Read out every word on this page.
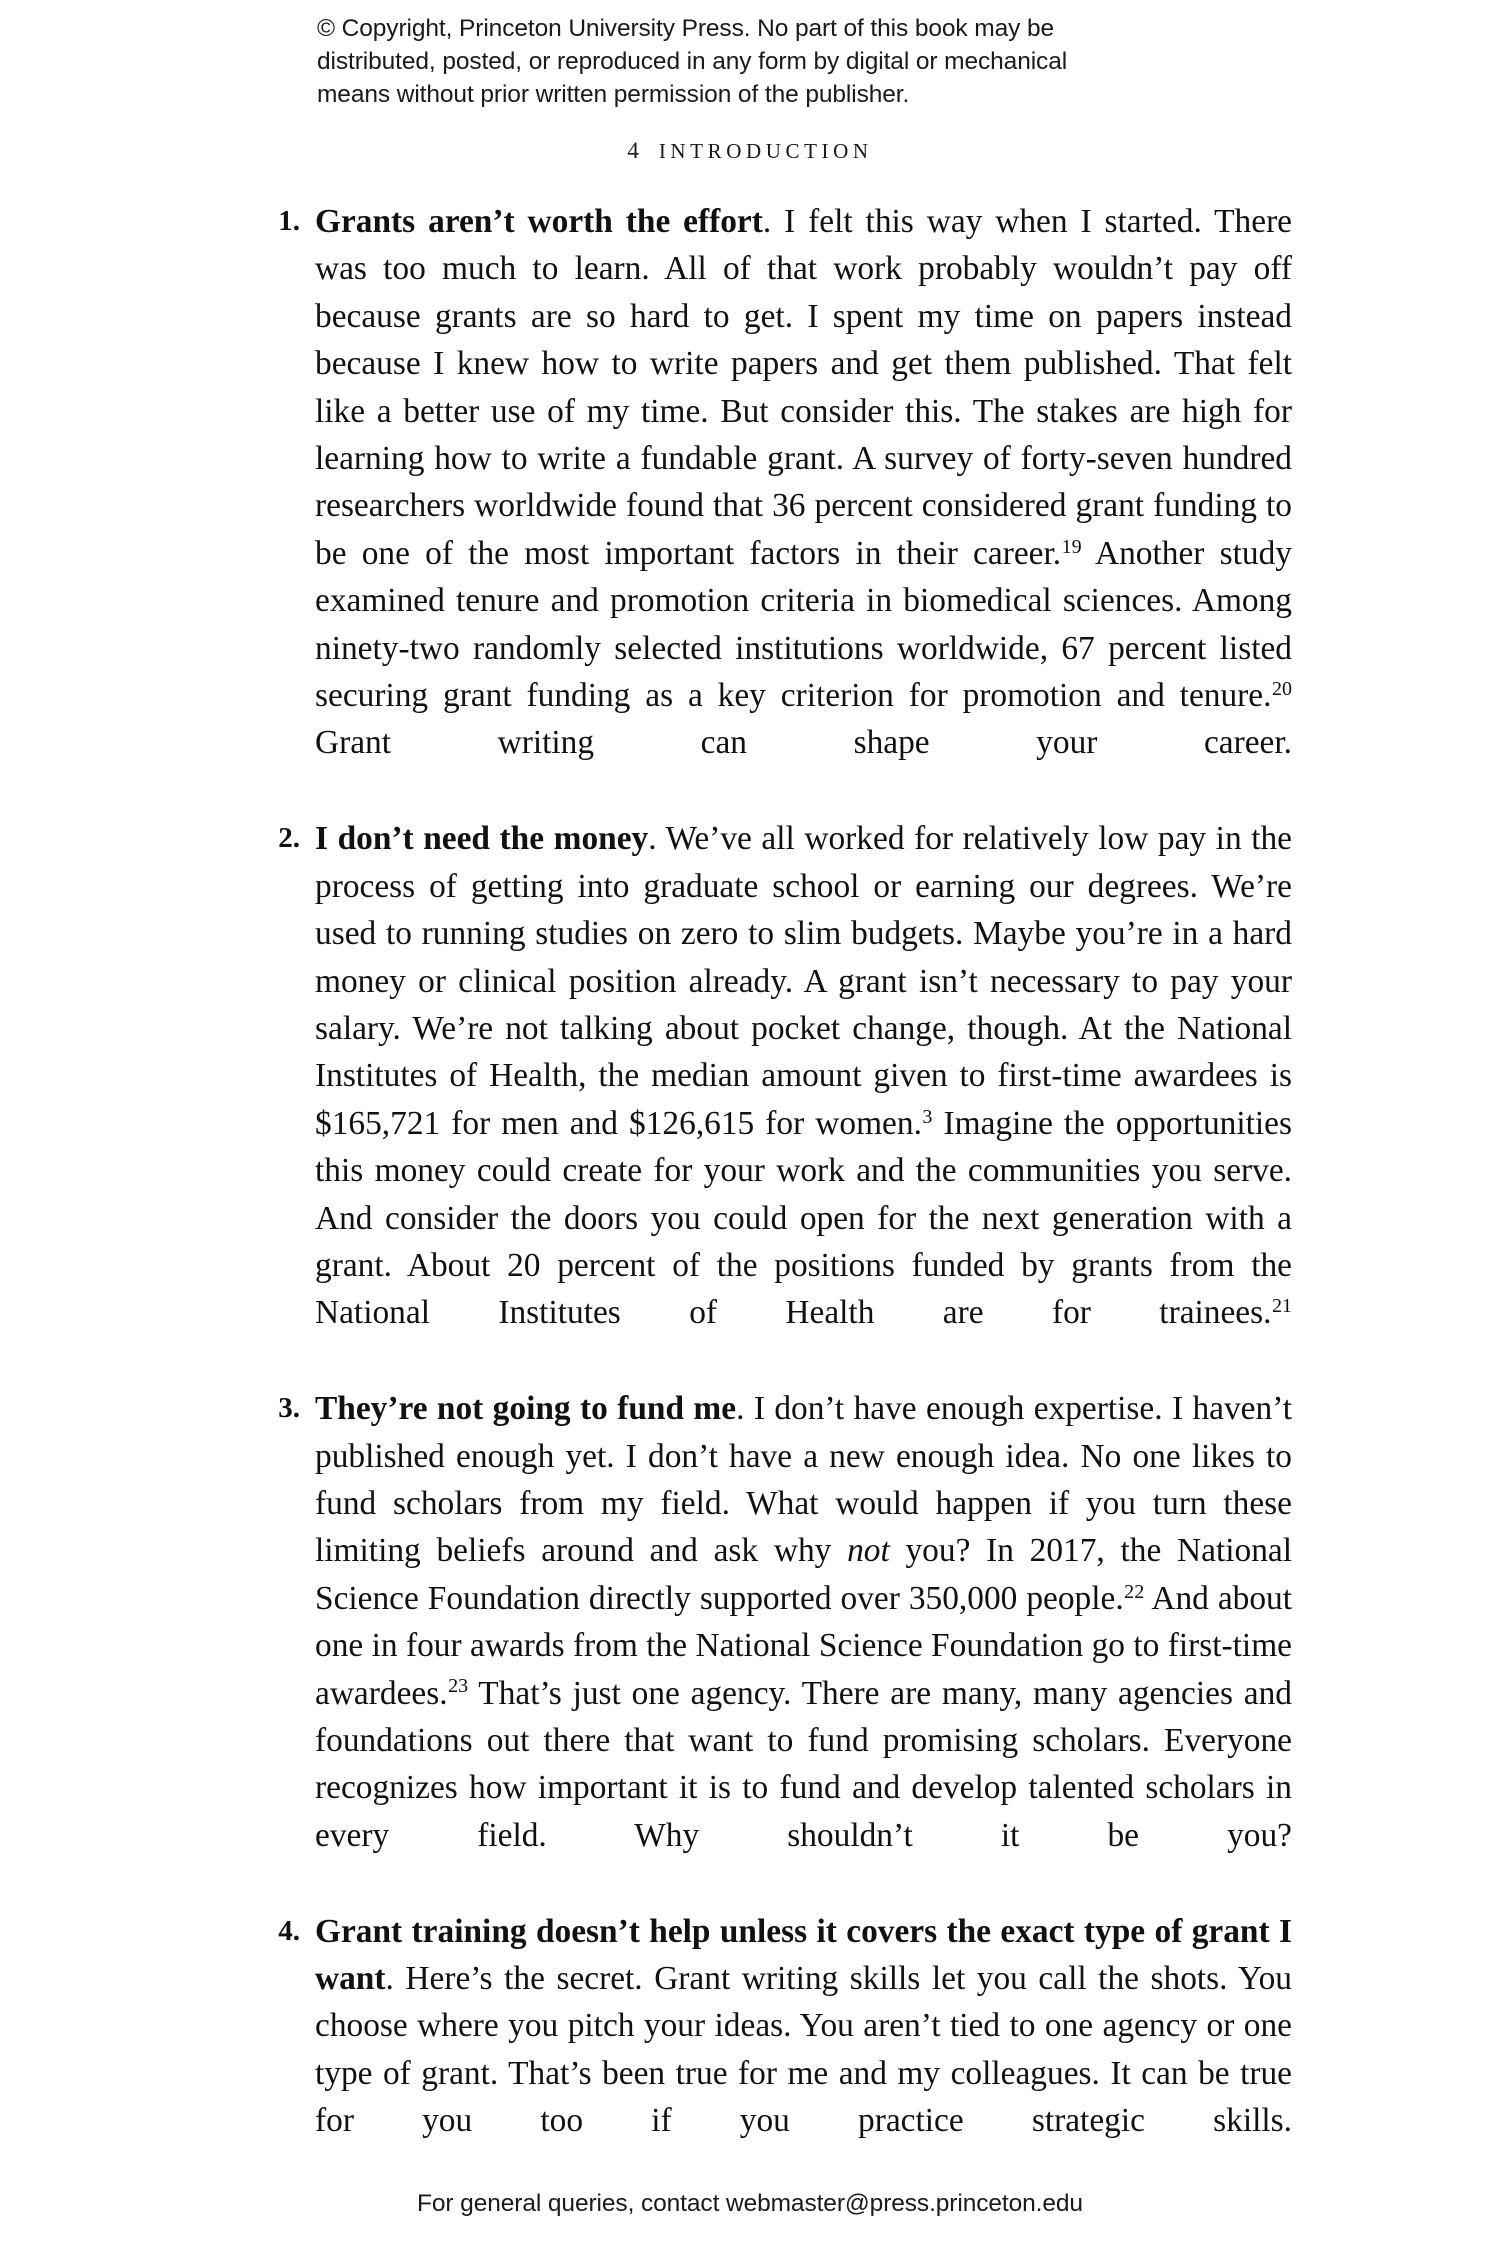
© Copyright, Princeton University Press. No part of this book may be

distributed, posted, or reproduced in any form by digital or mechanical

means without prior written permission of the publisher.

4 INTRODUCTION
1. Grants aren’t worth the effort. I felt this way when I started. There was too much to learn. All of that work probably wouldn’t pay off because grants are so hard to get. I spent my time on papers instead because I knew how to write papers and get them published. That felt like a better use of my time. But consider this. The stakes are high for learning how to write a fundable grant. A survey of forty-seven hundred researchers worldwide found that 36 percent considered grant funding to be one of the most important factors in their career.$^{19}$ Another study examined tenure and promotion criteria in biomedical sciences. Among ninety-two randomly selected institutions worldwide, 67 percent listed securing grant funding as a key criterion for promotion and tenure.$^{20}$ Grant writing can shape your career.
2. I don’t need the money. We’ve all worked for relatively low pay in the process of getting into graduate school or earning our degrees. We’re used to running studies on zero to slim budgets. Maybe you’re in a hard money or clinical position already. A grant isn’t necessary to pay your salary. We’re not talking about pocket change, though. At the National Institutes of Health, the median amount given to first-time awardees is $165,721 for men and $126,615 for women.$^3$ Imagine the opportunities this money could create for your work and the communities you serve. And consider the doors you could open for the next generation with a grant. About 20 percent of the positions funded by grants from the National Institutes of Health are for trainees.$^{21}$
3. They’re not going to fund me. I don’t have enough expertise. I haven’t published enough yet. I don’t have a new enough idea. No one likes to fund scholars from my field. What would happen if you turn these limiting beliefs around and ask why not you? In 2017, the National Science Foundation directly supported over 350,000 people.$^{22}$ And about one in four awards from the National Science Foundation go to first-time awardees.$^{23}$ That’s just one agency. There are many, many agencies and foundations out there that want to fund promising scholars. Everyone recognizes how important it is to fund and develop talented scholars in every field. Why shouldn’t it be you?
4. Grant training doesn’t help unless it covers the exact type of grant I want. Here’s the secret. Grant writing skills let you call the shots. You choose where you pitch your ideas. You aren’t tied to one agency or one type of grant. That’s been true for me and my colleagues. It can be true for you too if you practice strategic skills.
For general queries, contact webmaster@press.princeton.edu
